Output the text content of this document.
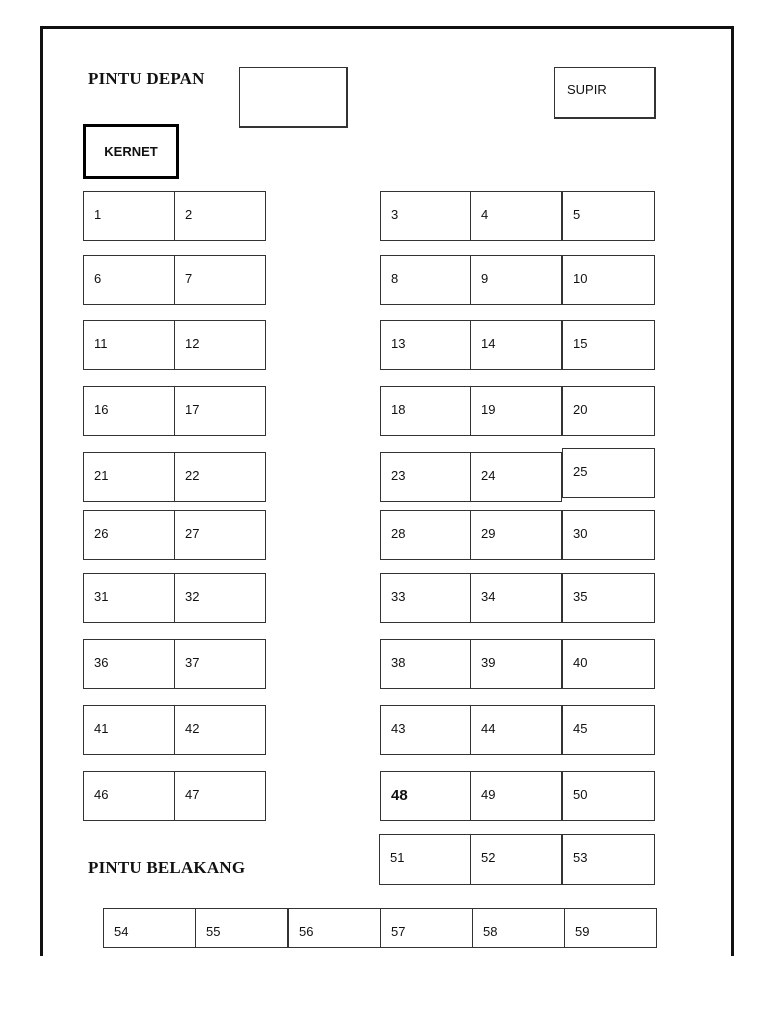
PINTU DEPAN
SUPIR
KERNET
PINTU BELAKANG
1	2	3	4	5
6	7	8	9	10
11	12	13	14	15
16	17	18	19	20
21	22	23	24	25
26	27	28	29	30
31	32	33	34	35
36	37	38	39	40
41	42	43	44	45
46	47	48	49	50
51	52	53
54	55	56	57	58	59
